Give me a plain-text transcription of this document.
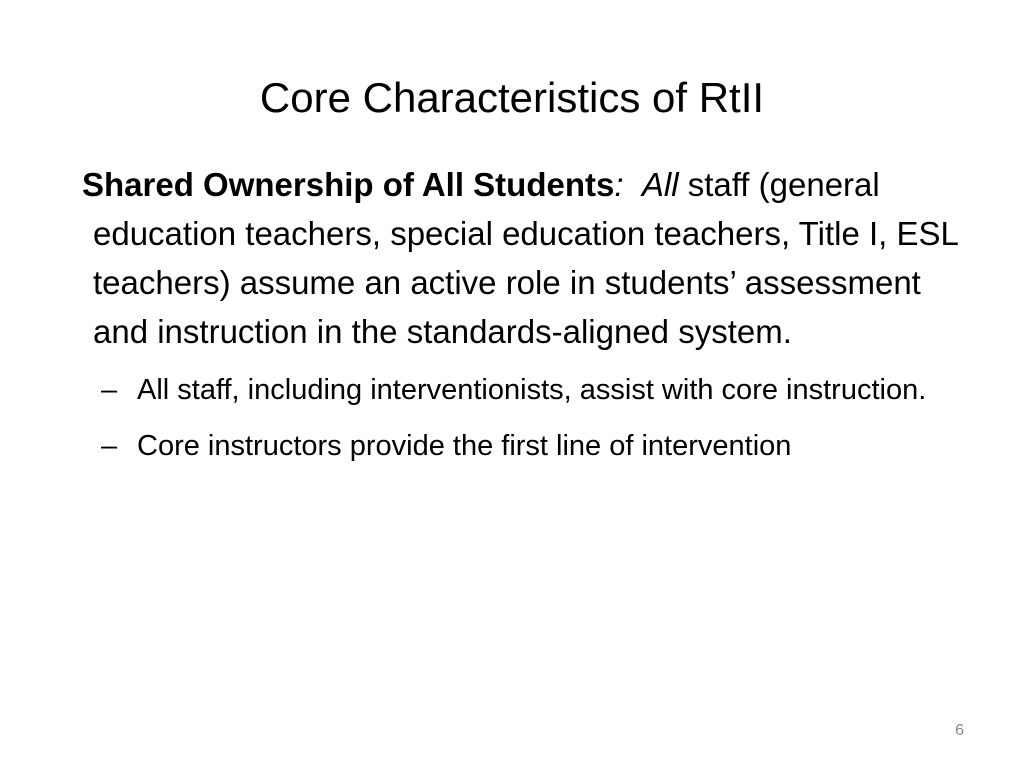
Core Characteristics of RtII

Shared Ownership of All Students: All staff (general education teachers, special education teachers, Title I, ESL teachers) assume an active role in students’ assessment and instruction in the standards-aligned system.

– All staff, including interventionists, assist with core instruction.
– Core instructors provide the first line of intervention
6
